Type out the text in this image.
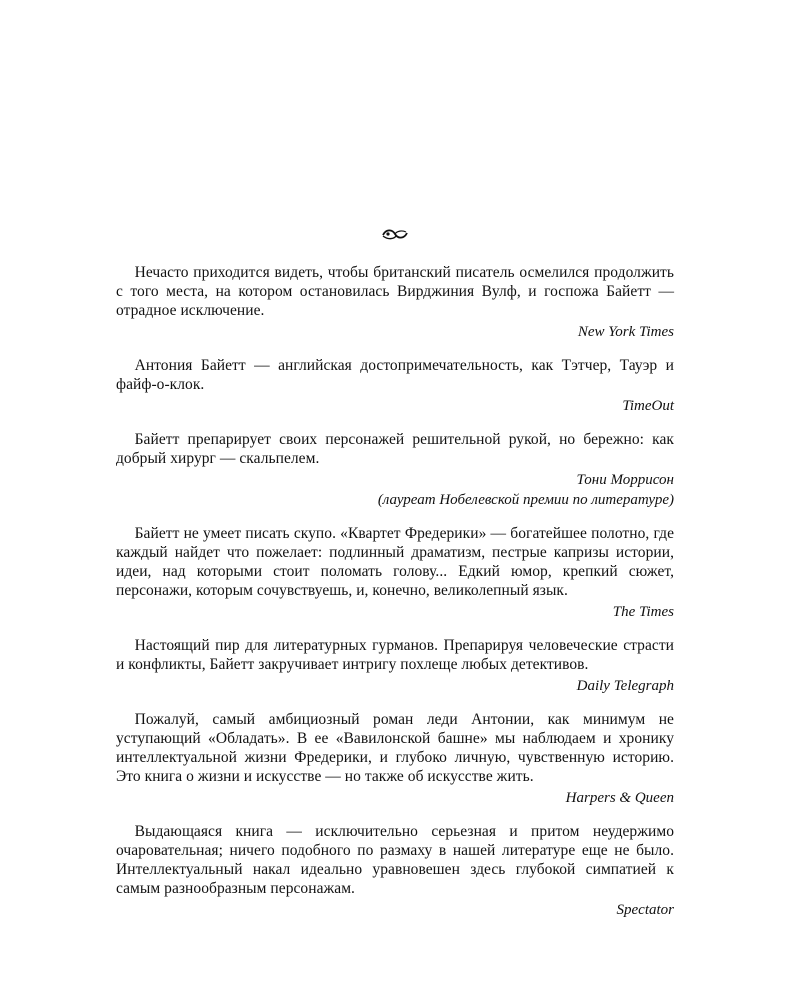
Нечасто приходится видеть, чтобы британский писатель осмелился продолжить с того места, на котором остановилась Вирджиния Вулф, и госпожа Байетт — отрадное исключение.

New York Times

Антония Байетт — английская достопримечательность, как Тэтчер, Тауэр и файф-о-клок.

TimeOut

Байетт препарирует своих персонажей решительной рукой, но бережно: как добрый хирург — скальпелем.

Тони Моррисон
(лауреат Нобелевской премии по литературе)

Байетт не умеет писать скупо. «Квартет Фредерики» — богатейшее полотно, где каждый найдет что пожелает: подлинный драматизм, пестрые капризы истории, идеи, над которыми стоит поломать голову... Едкий юмор, крепкий сюжет, персонажи, которым сочувствуешь, и, конечно, великолепный язык.

The Times

Настоящий пир для литературных гурманов. Препарируя человеческие страсти и конфликты, Байетт закручивает интригу похлеще любых детективов.

Daily Telegraph

Пожалуй, самый амбициозный роман леди Антонии, как минимум не уступающий «Обладать». В ее «Вавилонской башне» мы наблюдаем и хронику интеллектуальной жизни Фредерики, и глубоко личную, чувственную историю. Это книга о жизни и искусстве — но также об искусстве жить.

Harpers & Queen

Выдающаяся книга — исключительно серьезная и притом неудержимо очаровательная; ничего подобного по размаху в нашей литературе еще не было. Интеллектуальный накал идеально уравновешен здесь глубокой симпатией к самым разнообразным персонажам.

Spectator
